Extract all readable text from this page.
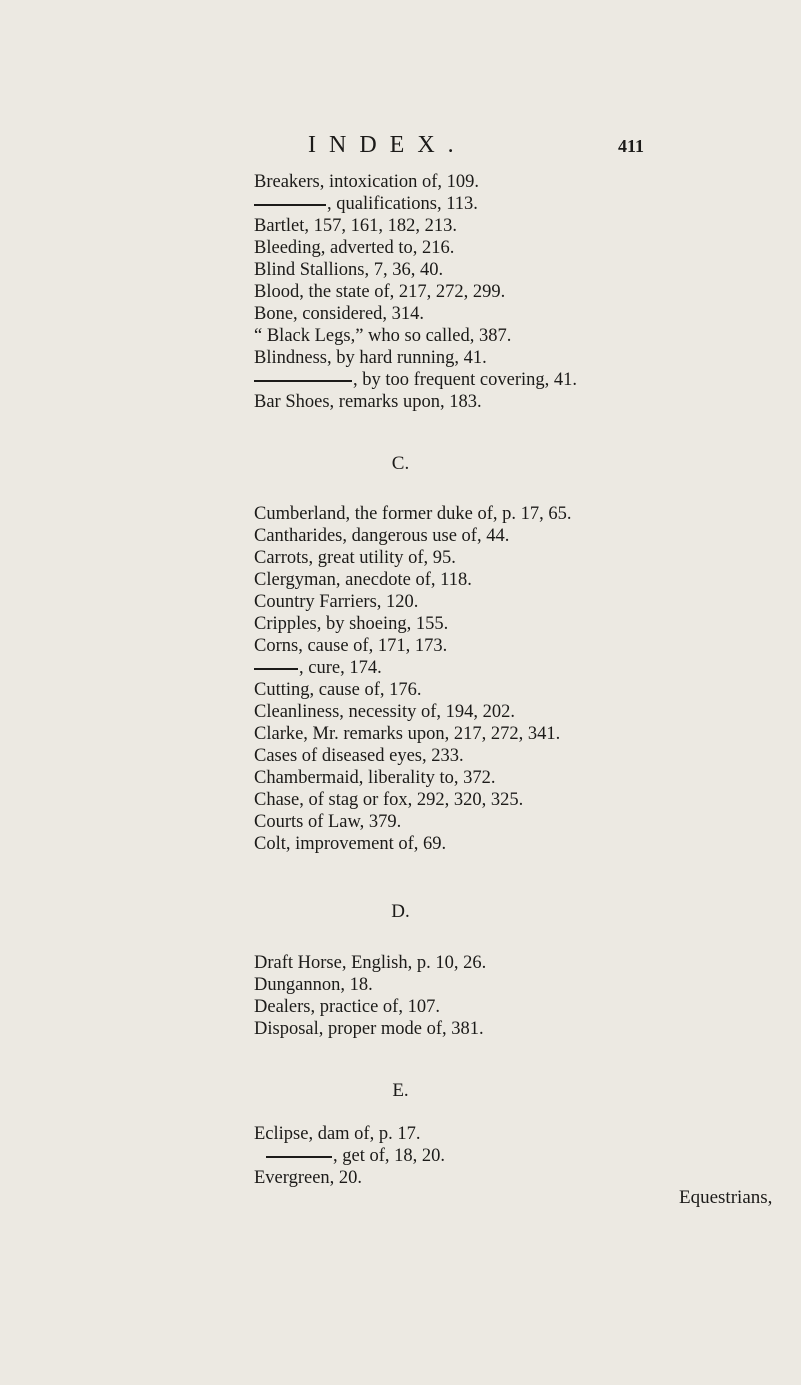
INDEX.	411
Breakers, intoxication of, 109.
, qualifications, 113.
Bartlet, 157, 161, 182, 213.
Bleeding, adverted to, 216.
Blind Stallions, 7, 36, 40.
Blood, the state of, 217, 272, 299.
Bone, considered, 314.
“ Black Legs,” who so called, 387.
Blindness, by hard running, 41.
, by too frequent covering, 41.
Bar Shoes, remarks upon, 183.
C.
Cumberland, the former duke of, p. 17, 65.
Cantharides, dangerous use of, 44.
Carrots, great utility of, 95.
Clergyman, anecdote of, 118.
Country Farriers, 120.
Cripples, by shoeing, 155.
Corns, cause of, 171, 173.
, cure, 174.
Cutting, cause of, 176.
Cleanliness, necessity of, 194, 202.
Clarke, Mr. remarks upon, 217, 272, 341.
Cases of diseased eyes, 233.
Chambermaid, liberality to, 372.
Chase, of stag or fox, 292, 320, 325.
Courts of Law, 379.
Colt, improvement of, 69.
D.
Draft Horse, English, p. 10, 26.
Dungannon, 18.
Dealers, practice of, 107.
Disposal, proper mode of, 381.
E.
Eclipse, dam of, p. 17.
, get of, 18, 20.
Evergreen, 20.
Equestrians,
